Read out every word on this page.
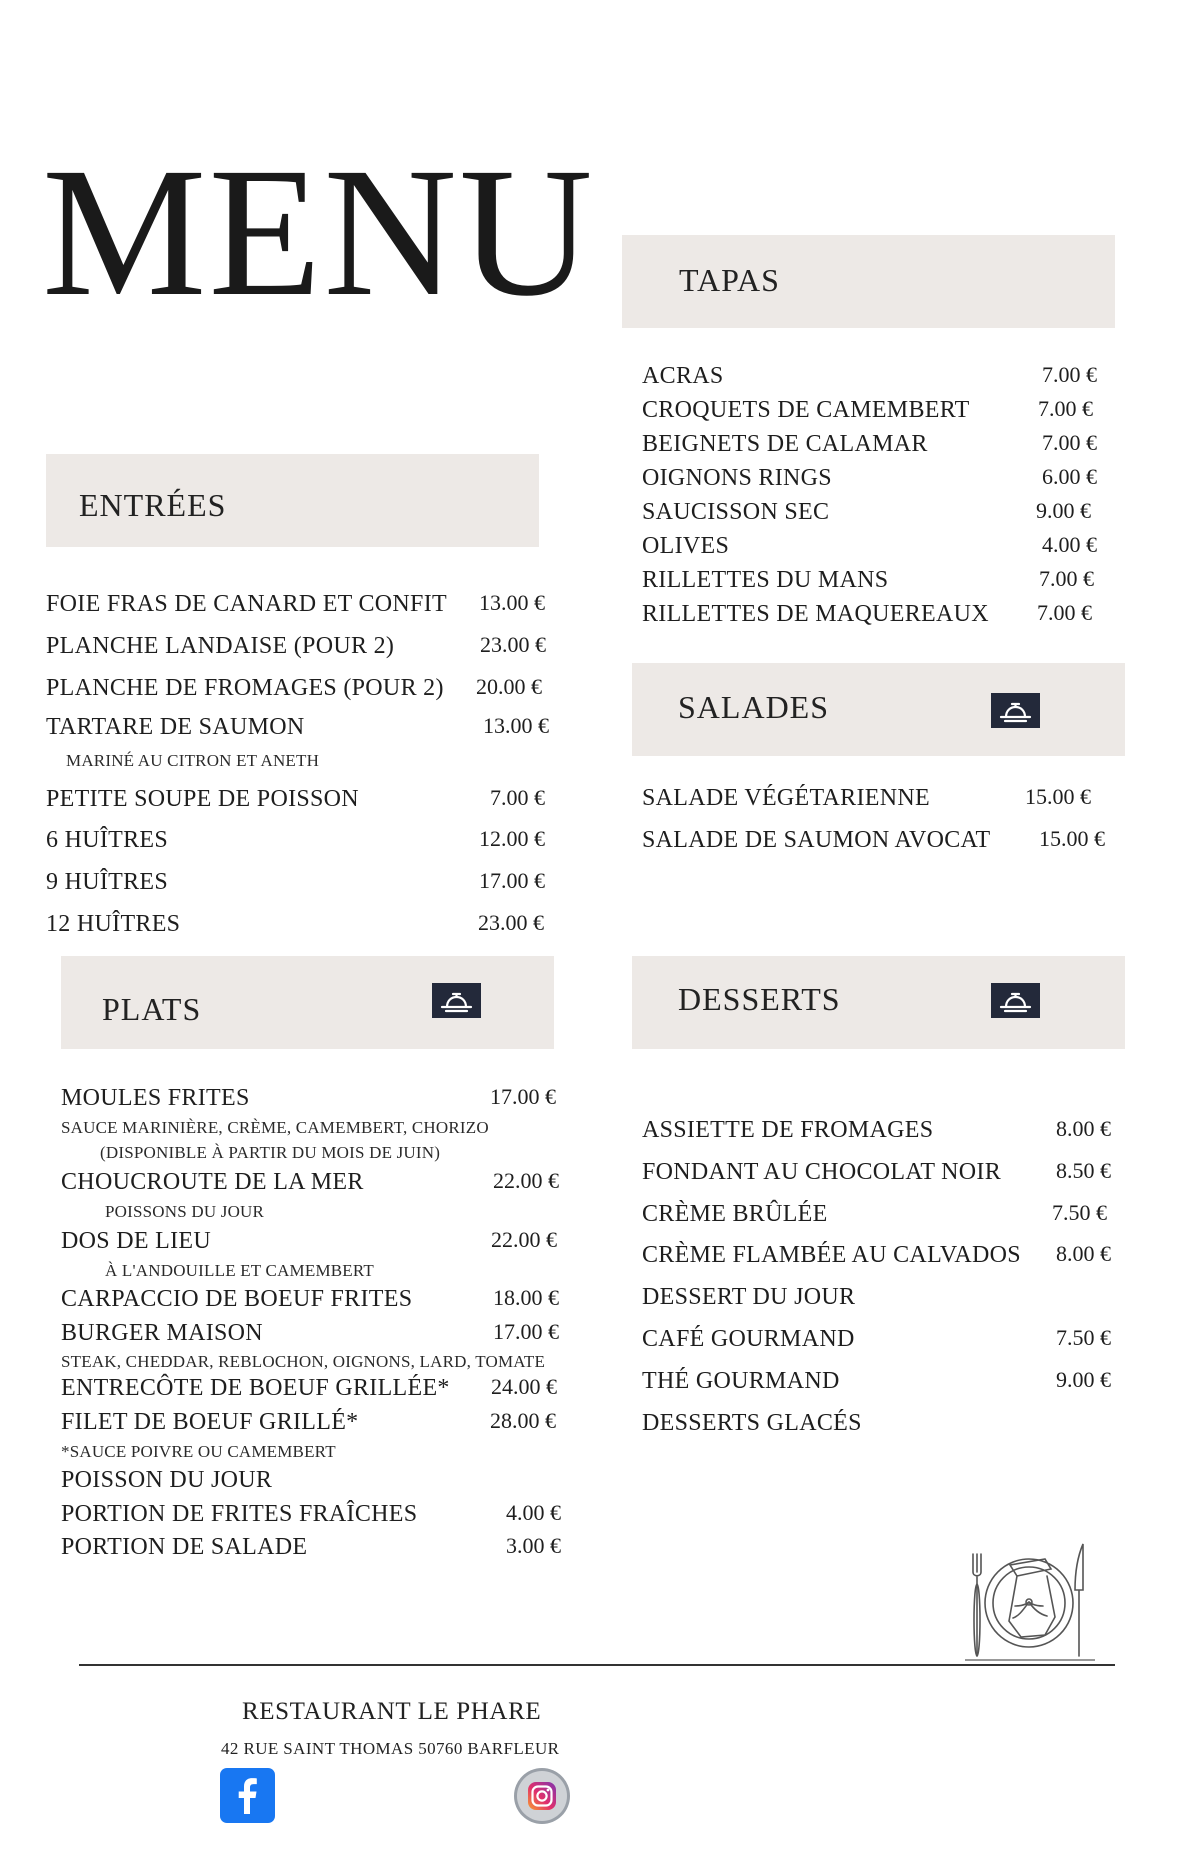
MENU	TAPAS
ACRAS	7.00 €
CROQUETS DE CAMEMBERT	7.00 €
BEIGNETS DE CALAMAR	7.00 €
OIGNONS RINGS	6.00 €
SAUCISSON SEC	9.00 €
OLIVES	4.00 €
RILLETTES DU MANS	7.00 €
RILLETTES DE MAQUEREAUX 7.00 €
ENTRÉES
FOIE FRAS DE CANARD ET CONFIT 13.00 €
PLANCHE LANDAISE (POUR 2)	23.00 €
PLANCHE DE FROMAGES (POUR 2) 20.00 €
TARTARE DE SAUMON	13.00 €
MARINÉ AU CITRON ET ANETH
PETITE SOUPE DE POISSON	7.00 €
6 HUÎTRES	12.00 €
9 HUÎTRES	17.00 €
12 HUÎTRES	23.00 €
SALADES
SALADE VÉGÉTARIENNE	15.00 €
SALADE DE SAUMON AVOCAT 15.00 €
PLATS
MOULES FRITES	17.00 €
SAUCE MARINIÈRE, CRÈME, CAMEMBERT, CHORIZO
(DISPONIBLE À PARTIR DU MOIS DE JUIN)
CHOUCROUTE DE LA MER	22.00 €
POISSONS DU JOUR
DOS DE LIEU	22.00 €
À L'ANDOUILLE ET CAMEMBERT
CARPACCIO DE BOEUF FRITES	18.00 €
BURGER MAISON	17.00 €
STEAK, CHEDDAR, REBLOCHON, OIGNONS, LARD, TOMATE
ENTRECÔTE DE BOEUF GRILLÉE* 24.00 €
FILET DE BOEUF GRILLÉ*	28.00 €
*SAUCE POIVRE OU CAMEMBERT
POISSON DU JOUR
PORTION DE FRITES FRAÎCHES	4.00 €
PORTION DE SALADE	3.00 €
DESSERTS
ASSIETTE DE FROMAGES	8.00 €
FONDANT AU CHOCOLAT NOIR 8.50 €
CRÈME BRÛLÉE	7.50 €
CRÈME FLAMBÉE AU CALVADOS 8.00 €
DESSERT DU JOUR
CAFÉ GOURMAND	7.50 €
THÉ GOURMAND	9.00 €
DESSERTS GLACÉS
RESTAURANT LE PHARE
42 RUE SAINT THOMAS 50760 BARFLEUR
